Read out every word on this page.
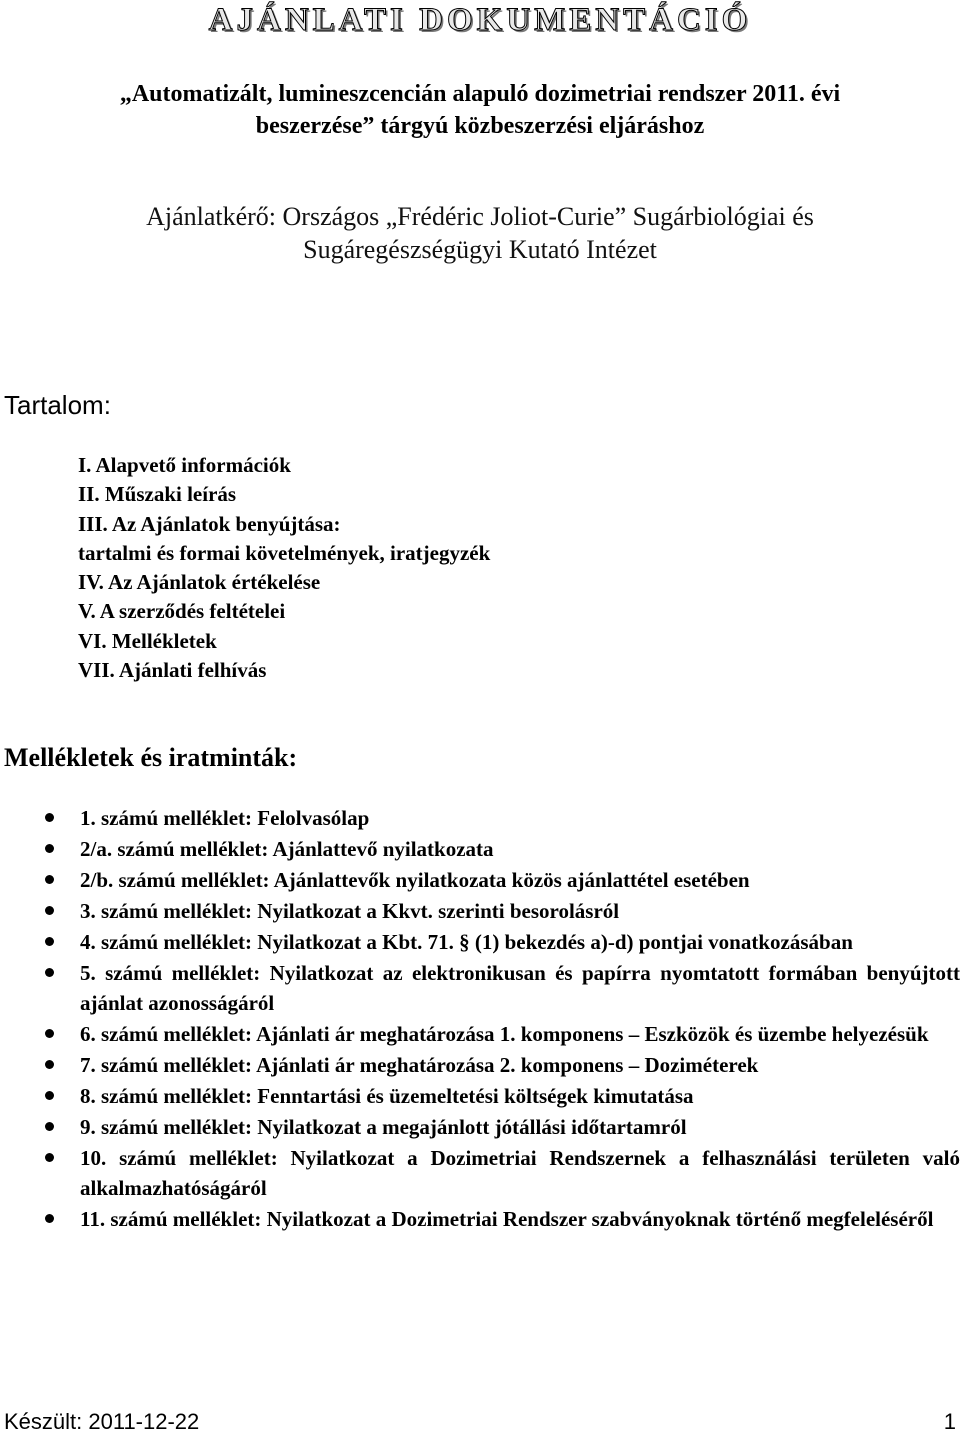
AJÁNLATI DOKUMENTÁCIÓ
„Automatizált, lumineszcencián alapuló dozimetriai rendszer 2011. évi
beszerzése” tárgyú közbeszerzési eljáráshoz
Ajánlatkérő: Országos „Frédéric Joliot-Curie” Sugárbiológiai és
Sugáregészségügyi Kutató Intézet
Tartalom:
I. Alapvető információk
II. Műszaki leírás
III. Az Ajánlatok benyújtása:
tartalmi és formai követelmények, iratjegyzék
IV. Az Ajánlatok értékelése
V. A szerződés feltételei
VI. Mellékletek
VII. Ajánlati felhívás
Mellékletek és iratminták:
1. számú melléklet: Felolvasólap
2/a. számú melléklet: Ajánlattevő nyilatkozata
2/b. számú melléklet: Ajánlattevők nyilatkozata közös ajánlattétel esetében
3. számú melléklet: Nyilatkozat a Kkvt. szerinti besorolásról
4. számú melléklet: Nyilatkozat a Kbt. 71. § (1) bekezdés a)-d) pontjai vonatkozásában
5. számú melléklet: Nyilatkozat az elektronikusan és papírra nyomtatott formában benyújtott ajánlat azonosságáról
6. számú melléklet: Ajánlati ár meghatározása 1. komponens – Eszközök és üzembe helyezésük
7. számú melléklet: Ajánlati ár meghatározása 2. komponens – Doziméterek
8. számú melléklet: Fenntartási és üzemeltetési költségek kimutatása
9. számú melléklet: Nyilatkozat a megajánlott jótállási időtartamról
10. számú melléklet: Nyilatkozat a Dozimetriai Rendszernek a felhasználási területen való alkalmazhatóságáról
11. számú melléklet: Nyilatkozat a Dozimetriai Rendszer szabványoknak történő megfeleléséről
Készült: 2011-12-22	1
